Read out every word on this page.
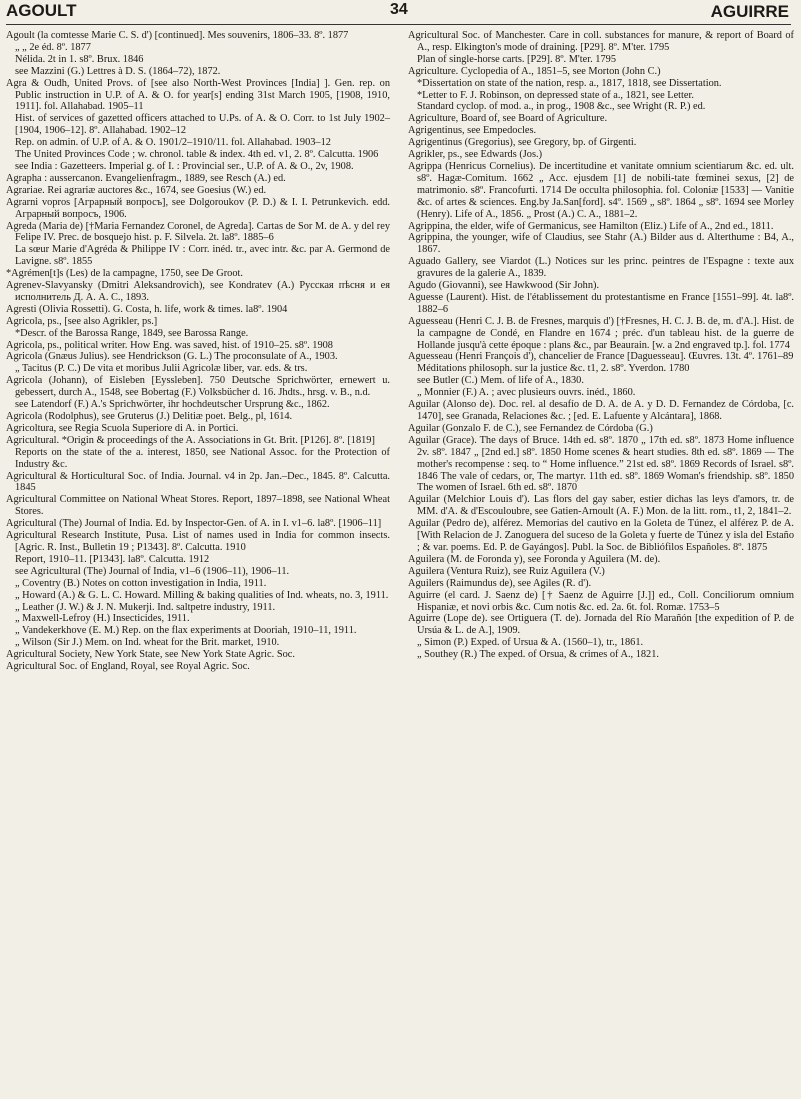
AGOULT	34	AGUIRRE

Agoult (la comtesse Marie C. S. d') [continued]. Mes souvenirs, 1806–33. 8º. 1877

„ „ 2e éd. 8º. 1877

Nélida. 2t in 1. s8º. Brux. 1846

see Mazzini (G.) Lettres à D. S. (1864–72), 1872.

Agra & Oudh, United Provs. of [see also North-West Provinces [India] ]. Gen. rep. on Public instruction in U.P. of A. & O. for year[s] ending 31st March 1905, [1908, 1910, 1911]. fol. Allahabad. 1905–11

Hist. of services of gazetted officers attached to U.Ps. of A. & O. Corr. to 1st July 1902–[1904, 1906–12]. 8º. Allahabad. 1902–12

Rep. on admin. of U.P. of A. & O. 1901/2–1910/11. fol. Allahabad. 1903–12

The United Provinces Code ; w. chronol. table & index. 4th ed. v1, 2. 8º. Calcutta. 1906

see India : Gazetteers. Imperial g. of I. : Provincial ser., U.P. of A. & O., 2v, 1908.

Agrapha : aussercanon. Evangelienfragm., 1889, see Resch (A.) ed.

Agrariae. Rei agrariæ auctores &c., 1674, see Goesius (W.) ed.

Agrarni vopros [Аграрный вопросъ], see Dolgoroukov (P. D.) & I. I. Petrunkevich. edd. Аграрный вопросъ, 1906.

Agreda (Maria de) [†Maria Fernandez Coronel, de Agreda]. Cartas de Sor M. de A. y del rey Felipe IV. Prec. de bosquejo hist. p. F. Silvela. 2t. la8º. 1885–6

La sœur Marie d'Agréda & Philippe IV : Corr. inéd. tr., avec intr. &c. par A. Germond de Lavigne. s8º. 1855

*Agrémen[t]s (Les) de la campagne, 1750, see De Groot.

Agrenev-Slavyansky (Dmitri Aleksandrovich), see Kondratev (A.) Русская пѣсня и ея исполнитель Д. А. А. С., 1893.

Agresti (Olivia Rossetti). G. Costa, h. life, work & times. la8º. 1904

Agricola, ps., [see also Agrikler, ps.]

*Descr. of the Barossa Range, 1849, see Barossa Range.

Agricola, ps., political writer. How Eng. was saved, hist. of 1910–25. s8º. 1908

Agricola (Gnæus Julius). see Hendrickson (G. L.) The proconsulate of A., 1903.

„ Tacitus (P. C.) De vita et moribus Julii Agricolæ liber, var. eds. & trs.

Agricola (Johann), of Eisleben [Eyssleben]. 750 Deutsche Sprichwörter, ernewert u. gebessert, durch A., 1548, see Bobertag (F.) Volksbücher d. 16. Jhdts., hrsg. v. B., n.d.

see Latendorf (F.) A.'s Sprichwörter, ihr hochdeutscher Ursprung &c., 1862.

Agricola (Rodolphus), see Gruterus (J.) Delitiæ poet. Belg., pl, 1614.

Agricoltura, see Regia Scuola Superiore di A. in Portici.

Agricultural. *Origin & proceedings of the A. Associations in Gt. Brit. [P126]. 8º. [1819]

Reports on the state of the a. interest, 1850, see National Assoc. for the Protection of Industry &c.

Agricultural & Horticultural Soc. of India. Journal. v4 in 2p. Jan.–Dec., 1845. 8º. Calcutta. 1845

Agricultural Committee on National Wheat Stores. Report, 1897–1898, see National Wheat Stores.

Agricultural (The) Journal of India. Ed. by Inspector-Gen. of A. in I. v1–6. la8º. [1906–11]

Agricultural Research Institute, Pusa. List of names used in India for common insects. [Agric. R. Inst., Bulletin 19 ; P1343]. 8º. Calcutta. 1910

Report, 1910–11. [P1343]. la8º. Calcutta. 1912

see Agricultural (The) Journal of India, v1–6 (1906–11), 1906–11.

„ Coventry (B.) Notes on cotton investigation in India, 1911.

„ Howard (A.) & G. L. C. Howard. Milling & baking qualities of Ind. wheats, no. 3, 1911.

„ Leather (J. W.) & J. N. Mukerji. Ind. saltpetre industry, 1911.

„ Maxwell-Lefroy (H.) Insecticides, 1911.

„ Vandekerkhove (E. M.) Rep. on the flax experiments at Dooriah, 1910–11, 1911.

„ Wilson (Sir J.) Mem. on Ind. wheat for the Brit. market, 1910.

Agricultural Society, New York State, see New York State Agric. Soc.

Agricultural Soc. of England, Royal, see Royal Agric. Soc.

Agricultural Soc. of Manchester. Care in coll. substances for manure, & report of Board of A., resp. Elkington's mode of draining. [P29]. 8º. M'ter. 1795

Plan of single-horse carts. [P29]. 8º. M'ter. 1795

Agriculture. Cyclopedia of A., 1851–5, see Morton (John C.)

*Dissertation on state of the nation, resp. a., 1817, 1818, see Dissertation.

*Letter to F. J. Robinson, on depressed state of a., 1821, see Letter.

Standard cyclop. of mod. a., in prog., 1908 &c., see Wright (R. P.) ed.

Agriculture, Board of, see Board of Agriculture.

Agrigentinus, see Empedocles.

Agrigentinus (Gregorius), see Gregory, bp. of Girgenti.

Agrikler, ps., see Edwards (Jos.)

Agrippa (Henricus Cornelius). De incertitudine et vanitate omnium scientiarum &c. ed. ult. s8º. Hagæ-Comitum. 1662 „ Acc. ejusdem [1] de nobili-tate fœminei sexus, [2] de matrimonio. s8º. Francofurti. 1714 De occulta philosophia. fol. Coloniæ [1533] — Vanitie &c. of artes & sciences. Eng.by Ja.San[ford]. s4º. 1569 „ s8º. 1864 „ s8º. 1694 see Morley (Henry). Life of A., 1856. „ Prost (A.) C. A., 1881–2.

Agrippina, the elder, wife of Germanicus, see Hamilton (Eliz.) Life of A., 2nd ed., 1811.

Agrippina, the younger, wife of Claudius, see Stahr (A.) Bilder aus d. Alterthume : B4, A., 1867.

Aguado Gallery, see Viardot (L.) Notices sur les princ. peintres de l'Espagne : texte aux gravures de la galerie A., 1839.

Agudo (Giovanni), see Hawkwood (Sir John).

Aguesse (Laurent). Hist. de l'établissement du protestantisme en France [1551–99]. 4t. la8º. 1882–6

Aguesseau (Henri C. J. B. de Fresnes, marquis d') [†Fresnes, H. C. J. B. de, m. d'A.]. Hist. de la campagne de Condé, en Flandre en 1674 ; préc. d'un tableau hist. de la guerre de Hollande jusqu'à cette époque : plans &c., par Beaurain. [w. a 2nd engraved tp.]. fol. 1774

Aguesseau (Henri François d'), chancelier de France [Daguesseau]. Œuvres. 13t. 4º. 1761–89

Méditations philosoph. sur la justice &c. t1, 2. s8º. Yverdon. 1780

see Butler (C.) Mem. of life of A., 1830.

„ Monnier (F.) A. ; avec plusieurs ouvrs. inéd., 1860.

Aguilar (Alonso de). Doc. rel. al desafío de D. A. de A. y D. D. Fernandez de Córdoba, [c. 1470], see Granada, Relaciones &c. ; [ed. E. Lafuente y Alcántara], 1868.

Aguilar (Gonzalo F. de C.), see Fernandez de Córdoba (G.)

Aguilar (Grace). The days of Bruce. 14th ed. s8º. 1870 „ 17th ed. s8º. 1873 Home influence 2v. s8º. 1847 „ [2nd ed.] s8º. 1850 Home scenes & heart studies. 8th ed. s8º. 1869 — The mother's recompense : seq. to “ Home influence.” 21st ed. s8º. 1869 Records of Israel. s8º. 1846 The vale of cedars, or, The martyr. 11th ed. s8º. 1869 Woman's friendship. s8º. 1850 The women of Israel. 6th ed. s8º. 1870

Aguilar (Melchior Louis d'). Las flors del gay saber, estier dichas las leys d'amors, tr. de MM. d'A. & d'Escouloubre, see Gatien-Arnoult (A. F.) Mon. de la litt. rom., t1, 2, 1841–2.

Aguilar (Pedro de), alférez. Memorias del cautivo en la Goleta de Túnez, el alférez P. de A. [With Relacion de J. Zanoguera del suceso de la Goleta y fuerte de Túnez y isla del Estaño ; & var. poems. Ed. P. de Gayángos]. Publ. la Soc. de Bibliófilos Españoles. 8º. 1875

Aguilera (M. de Foronda y), see Foronda y Aguilera (M. de).

Aguilera (Ventura Ruiz), see Ruiz Aguilera (V.)

Aguilers (Raimundus de), see Agiles (R. d').

Aguirre (el card. J. Saenz de) [† Saenz de Aguirre [J.]] ed., Coll. Conciliorum omnium Hispaniæ, et novi orbis &c. Cum notis &c. ed. 2a. 6t. fol. Romæ. 1753–5

Aguirre (Lope de). see Ortiguera (T. de). Jornada del Río Marañón [the expedition of P. de Ursúa & L. de A.], 1909.

„ Simon (P.) Exped. of Ursua & A. (1560–1), tr., 1861.

„ Southey (R.) The exped. of Orsua, & crimes of A., 1821.
